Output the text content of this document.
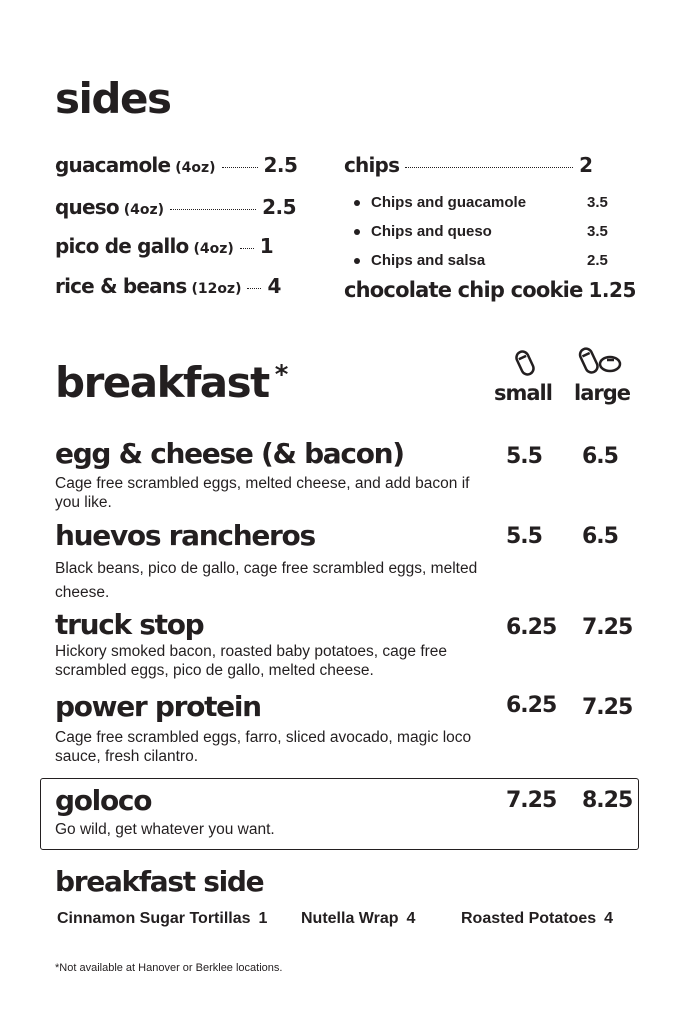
sides
guacamole (4oz) 2.5
queso (4oz)	2.5
pico de gallo (4oz) 1
rice & beans (12oz) 4
chips	2
Chips and guacamole	3.5
Chips and queso	3.5
Chips and salsa	2.5
chocolate chip cookie 1.25
breakfast *
small large
egg & cheese (& bacon)
Cage free scrambled eggs, melted cheese, and add bacon if you like.
5.5 6.5
huevos rancheros
Black beans, pico de gallo, cage free scrambled eggs, melted cheese.
5.5 6.5
truck stop
Hickory smoked bacon, roasted baby potatoes, cage free scrambled eggs, pico de gallo, melted cheese.
6.25 7.25
power protein
Cage free scrambled eggs, farro, sliced avocado, magic loco sauce, fresh cilantro.
6.25 7.25
goloco
Go wild, get whatever you want.
7.25 8.25
breakfast side
Cinnamon Sugar Tortillas 1 Nutella Wrap 4	Roasted Potatoes 4
*Not available at Hanover or Berklee locations.
